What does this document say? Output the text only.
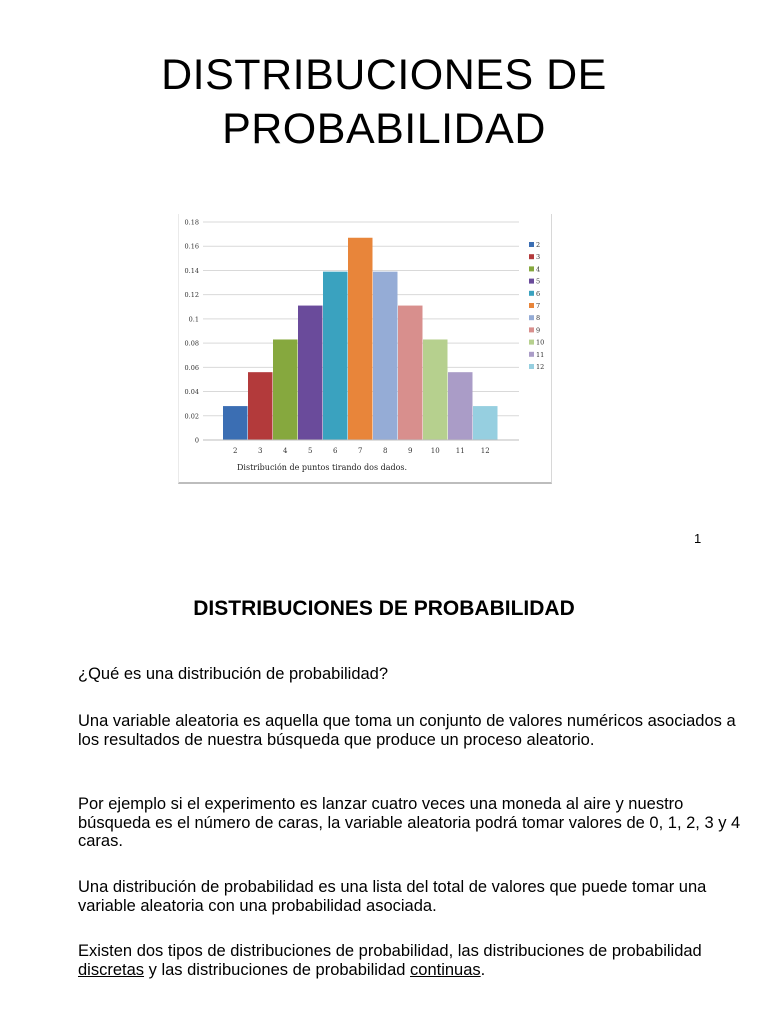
DISTRIBUCIONES DE
PROBABILIDAD
0
0.02
0.04
0.06
0.08
0.1
0.12
0.14
0.16
0.18
2	3	4	5	6	7	8	9	10 11 12
Distribución de puntos tirando dos dados.
2
3
4
5
6
7
8
9
10
11
12
1
DISTRIBUCIONES DE PROBABILIDAD

¿Qué es una distribución de probabilidad?

Una variable aleatoria es aquella que toma un conjunto de valores numéricos asociados a los resultados de nuestra búsqueda que produce un proceso aleatorio.

Por ejemplo si el experimento es lanzar cuatro veces una moneda al aire y nuestro búsqueda es el número de caras, la variable aleatoria podrá tomar valores de 0, 1, 2, 3 y 4 caras.

Una distribución de probabilidad es una lista del total de valores que puede tomar una variable aleatoria con una probabilidad asociada.

Existen dos tipos de distribuciones de probabilidad, las distribuciones de probabilidad discretas y las distribuciones de probabilidad continuas.
